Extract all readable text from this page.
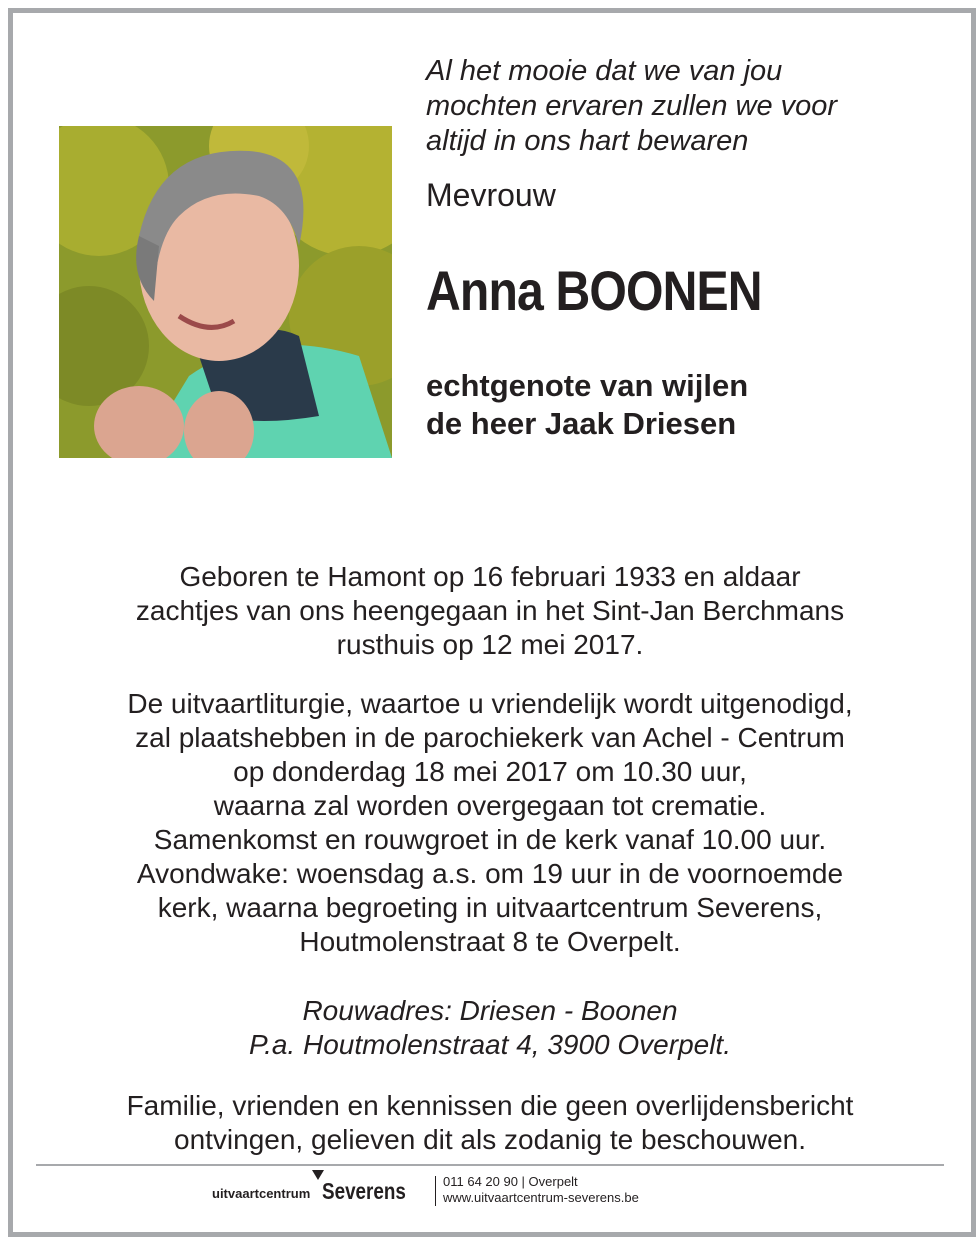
Al het mooie dat we van jou
mochten ervaren zullen we voor
altijd in ons hart bewaren
Mevrouw
Anna BOONEN
echtgenote van wijlen
de heer Jaak Driesen
Geboren te Hamont op 16 februari 1933 en aldaar
zachtjes van ons heengegaan in het Sint-Jan Berchmans
rusthuis op 12 mei 2017.
De uitvaartliturgie, waartoe u vriendelijk wordt uitgenodigd,
zal plaatshebben in de parochiekerk van Achel - Centrum
op donderdag 18 mei 2017 om 10.30 uur,
waarna zal worden overgegaan tot crematie.
Samenkomst en rouwgroet in de kerk vanaf 10.00 uur.
Avondwake: woensdag a.s. om 19 uur in de voornoemde
kerk, waarna begroeting in uitvaartcentrum Severens,
Houtmolenstraat 8 te Overpelt.
Rouwadres: Driesen - Boonen
P.a. Houtmolenstraat 4, 3900 Overpelt.
Familie, vrienden en kennissen die geen overlijdensbericht
ontvingen, gelieven dit als zodanig te beschouwen.
uitvaartcentrum Severens	011 64 20 90 | Overpelt
www.uitvaartcentrum-severens.be
